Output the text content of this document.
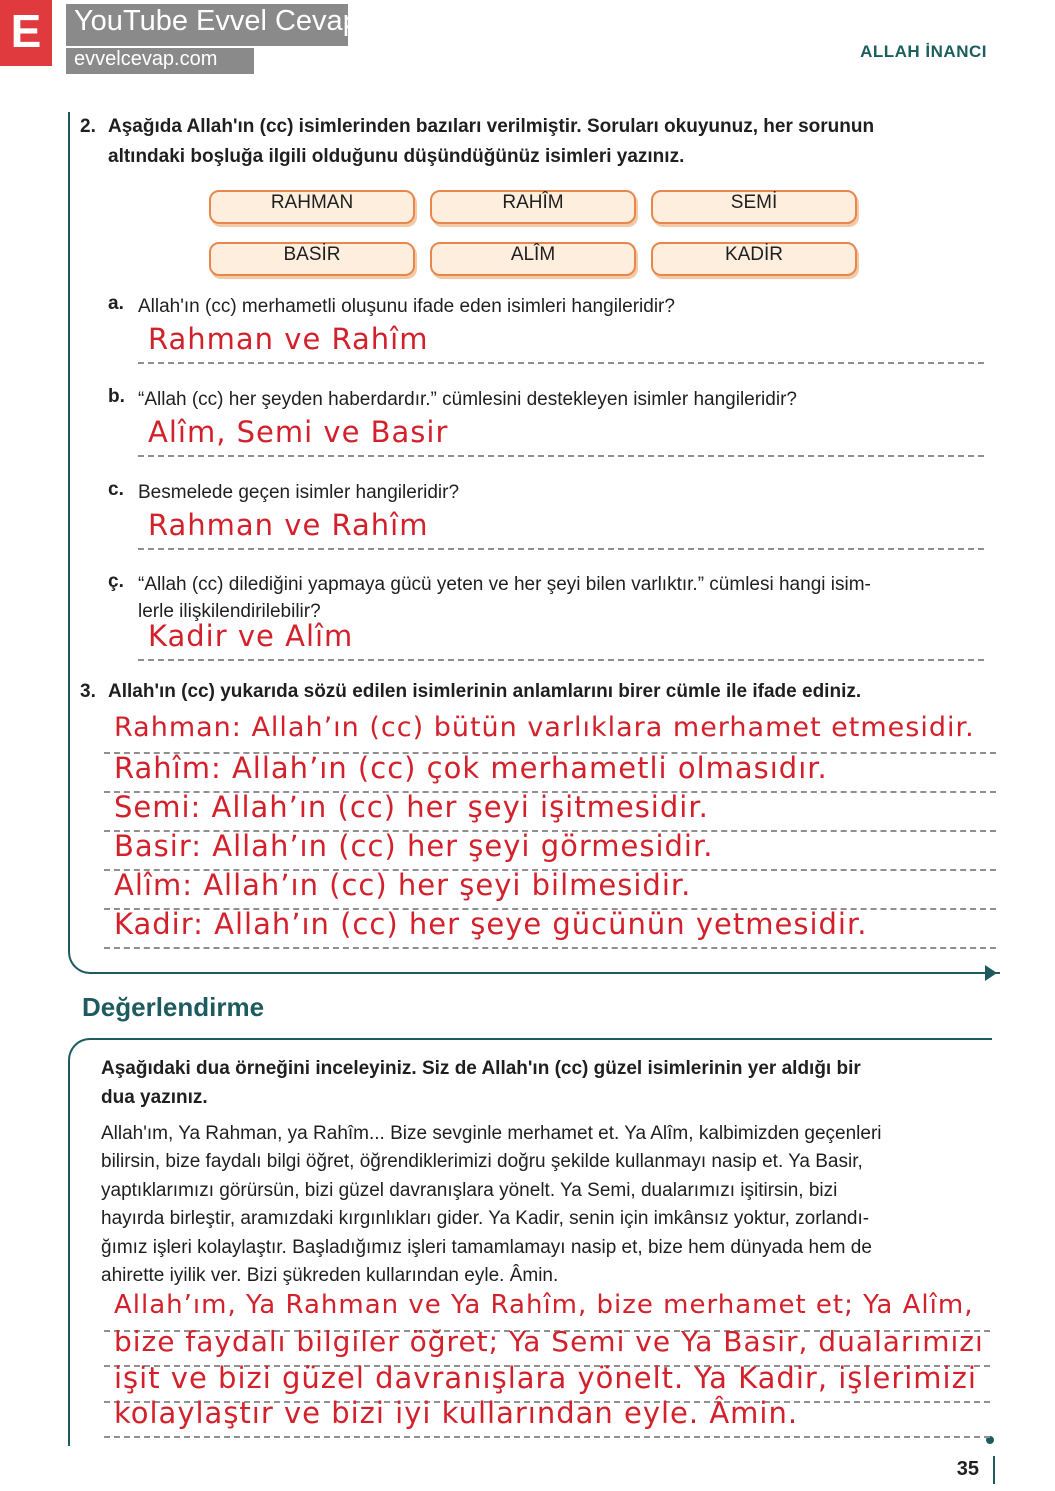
E	YouTube Evvel Cevap
evvelcevap.com	ALLAH İNANCI
2. Aşağıda Allah'ın (cc) isimlerinden bazıları verilmiştir. Soruları okuyunuz, her sorunun
altındaki boşluğa ilgili olduğunu düşündüğünüz isimleri yazınız.
RAHMAN	RAHÎM	SEMİ
BASİR	ALÎM	KADİR
a. Allah'ın (cc) merhametli oluşunu ifade eden isimleri hangileridir?
Rahman ve Rahîm
b. “Allah (cc) her şeyden haberdardır.” cümlesini destekleyen isimler hangileridir?
Alîm, Semi ve Basir
c. Besmelede geçen isimler hangileridir?
Rahman ve Rahîm
ç. “Allah (cc) dilediğini yapmaya gücü yeten ve her şeyi bilen varlıktır.” cümlesi hangi isim-
lerle ilişkilendirilebilir?
Kadir ve Alîm
3. Allah'ın (cc) yukarıda sözü edilen isimlerinin anlamlarını birer cümle ile ifade ediniz.
Rahman: Allah’ın (cc) bütün varlıklara merhamet etmesidir.
Rahîm: Allah’ın (cc) çok merhametli olmasıdır.
Semi: Allah’ın (cc) her şeyi işitmesidir.
Basir: Allah’ın (cc) her şeyi görmesidir.
Alîm: Allah’ın (cc) her şeyi bilmesidir.
Kadir: Allah’ın (cc) her şeye gücünün yetmesidir.
Değerlendirme
Aşağıdaki dua örneğini inceleyiniz. Siz de Allah'ın (cc) güzel isimlerinin yer aldığı bir
dua yazınız.
Allah'ım, Ya Rahman, ya Rahîm... Bize sevginle merhamet et. Ya Alîm, kalbimizden geçenleri
bilirsin, bize faydalı bilgi öğret, öğrendiklerimizi doğru şekilde kullanmayı nasip et. Ya Basir,
yaptıklarımızı görürsün, bizi güzel davranışlara yönelt. Ya Semi, dualarımızı işitirsin, bizi
hayırda birleştir, aramızdaki kırgınlıkları gider. Ya Kadir, senin için imkânsız yoktur, zorlandı-
ğımız işleri kolaylaştır. Başladığımız işleri tamamlamayı nasip et, bize hem dünyada hem de
ahirette iyilik ver. Bizi şükreden kullarından eyle. Âmin.
Allah’ım, Ya Rahman ve Ya Rahîm, bize merhamet et; Ya Alîm,
bize faydalı bilgiler öğret; Ya Semi ve Ya Basir, dualarımızı
işit ve bizi güzel davranışlara yönelt. Ya Kadir, işlerimizi
kolaylaştır ve bizi iyi kullarından eyle. Âmin.
35
